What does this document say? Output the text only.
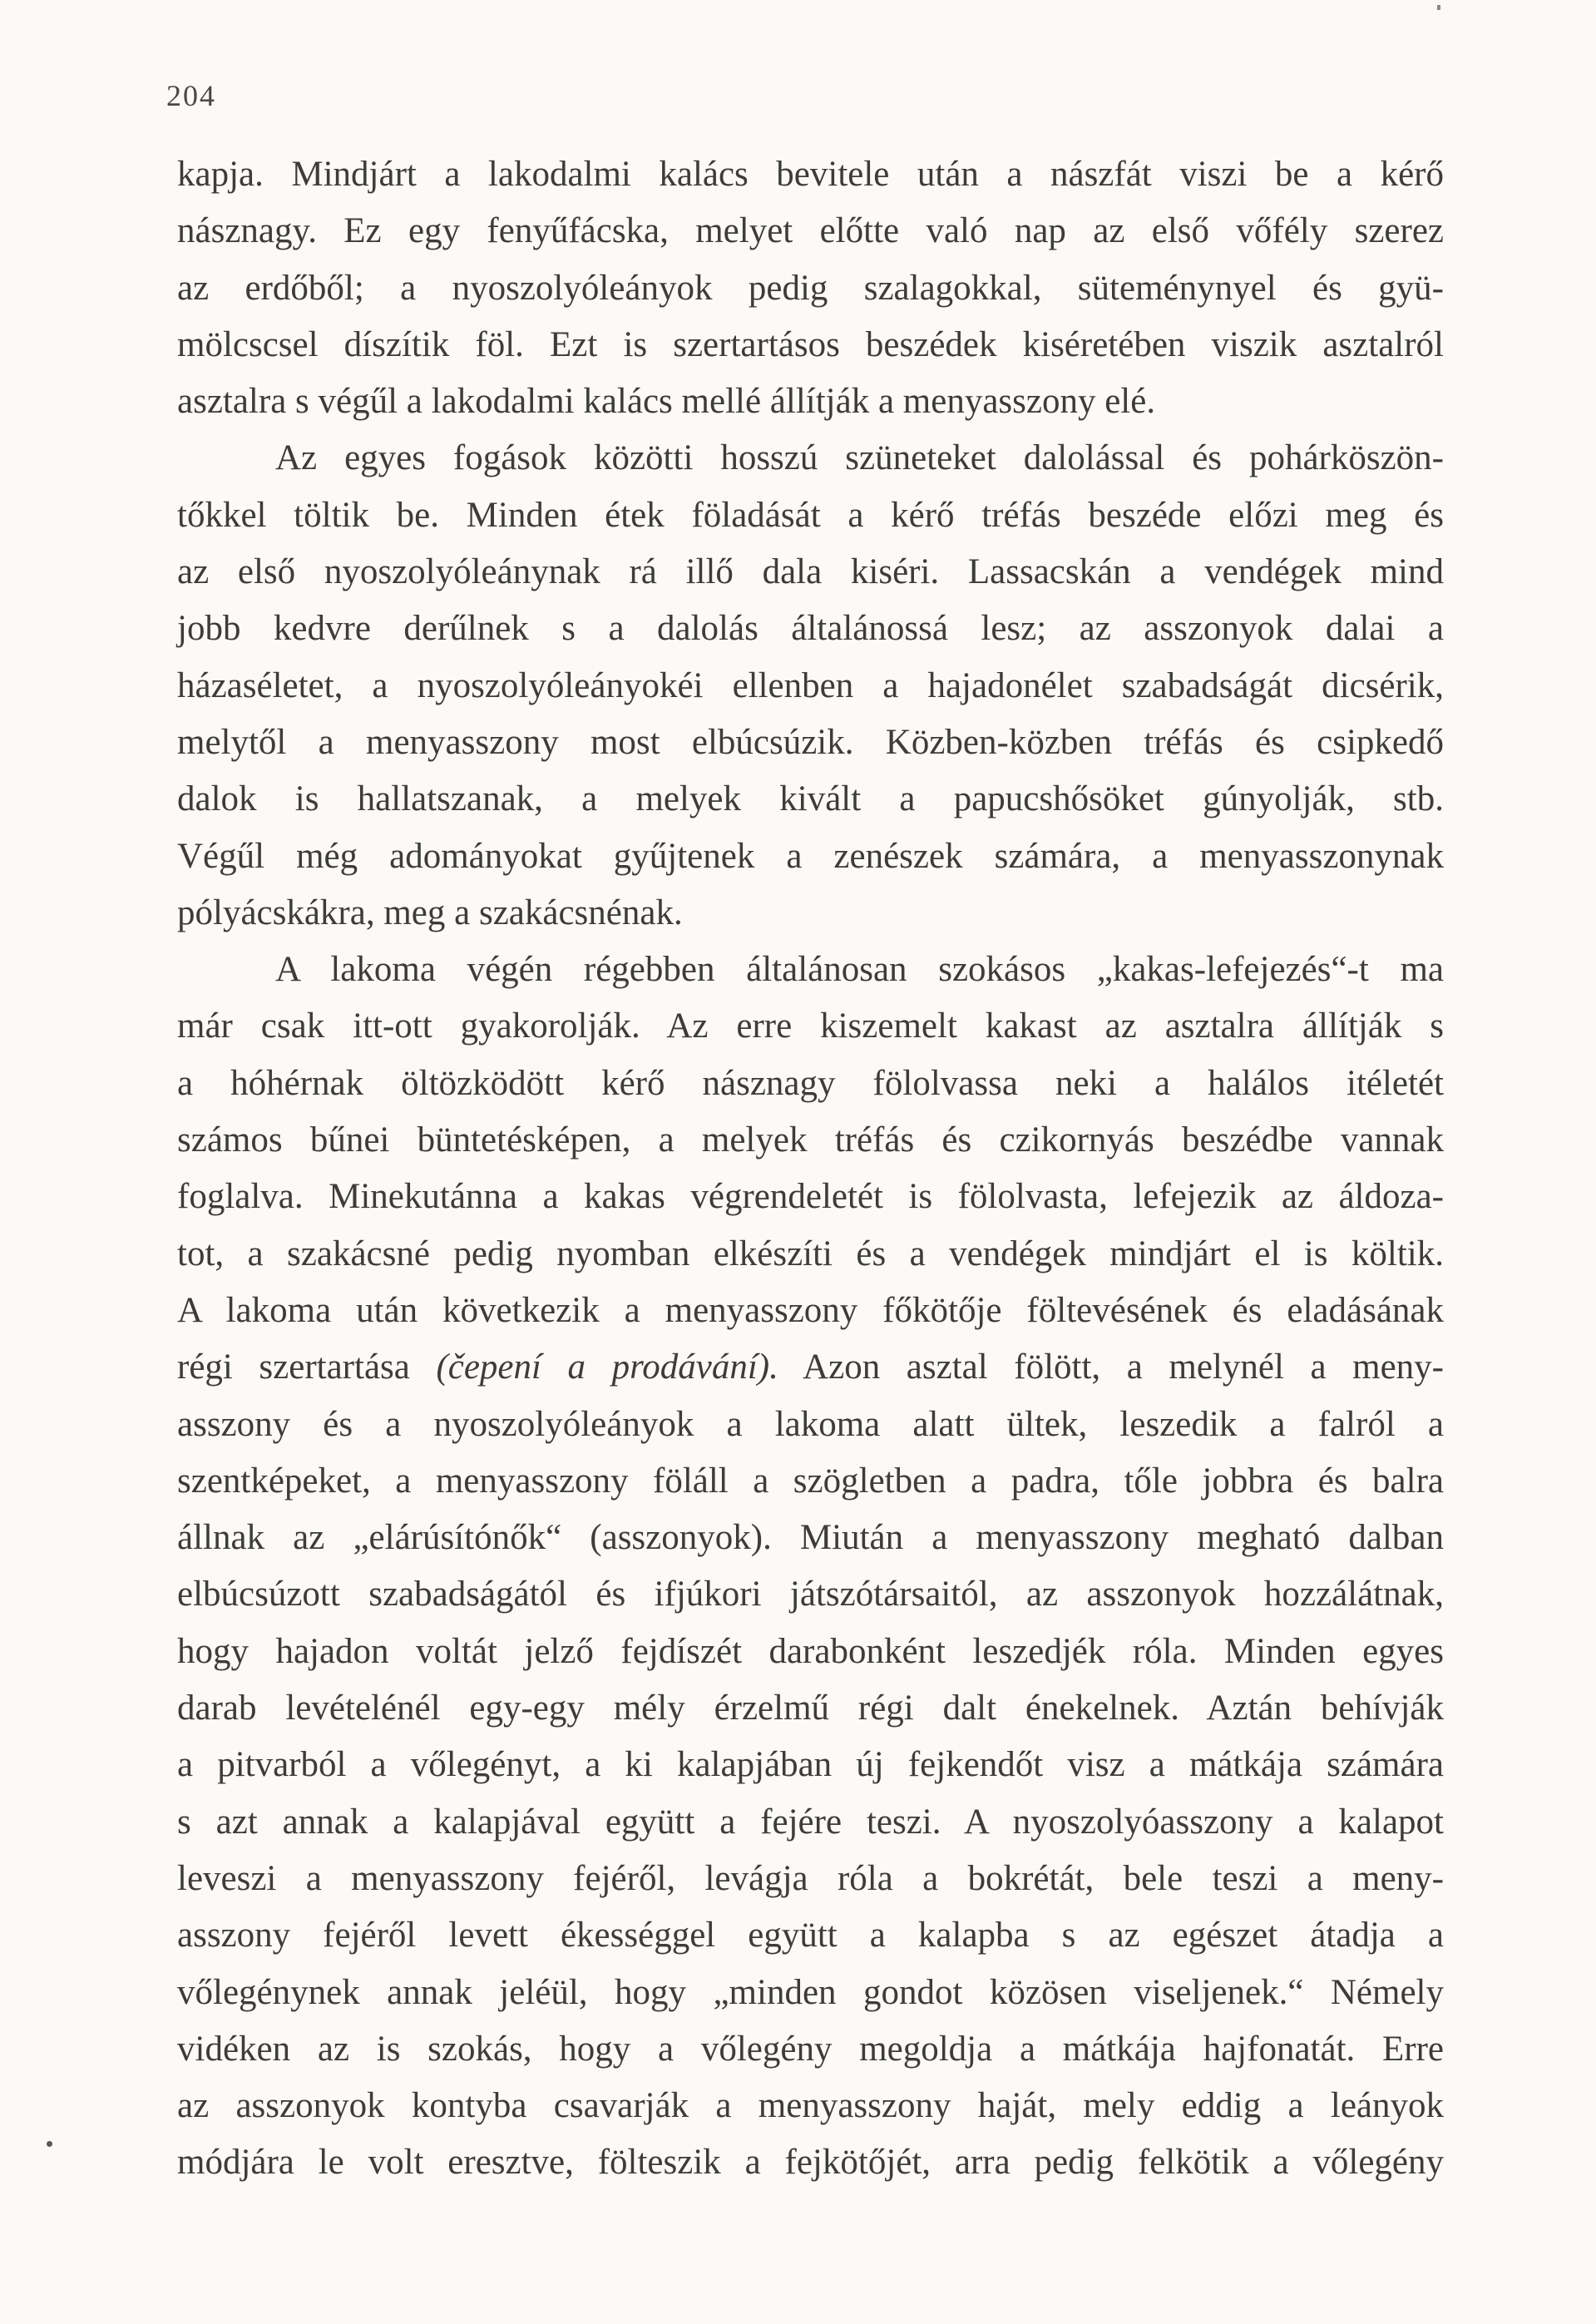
204
kapja. Mindjárt a lakodalmi kalács bevitele után a nászfát viszi be a kérő
násznagy. Ez egy fenyűfácska, melyet előtte való nap az első vőfély szerez
az erdőből; a nyoszolyóleányok pedig szalagokkal, süteménynyel és gyü-
mölcscsel díszítik föl. Ezt is szertartásos beszédek kiséretében viszik asztalról
asztalra s végűl a lakodalmi kalács mellé állítják a menyasszony elé.
Az egyes fogások közötti hosszú szüneteket dalolással és pohárköszön-
tőkkel töltik be. Minden étek föladását a kérő tréfás beszéde előzi meg és
az első nyoszolyóleánynak rá illő dala kiséri. Lassacskán a vendégek mind
jobb kedvre derűlnek s a dalolás általánossá lesz; az asszonyok dalai a
házaséletet, a nyoszolyóleányokéi ellenben a hajadonélet szabadságát dicsérik,
melytől a menyasszony most elbúcsúzik. Közben-közben tréfás és csipkedő
dalok is hallatszanak, a melyek kivált a papucshősöket gúnyolják, stb.
Végűl még adományokat gyűjtenek a zenészek számára, a menyasszonynak
pólyácskákra, meg a szakácsnénak.
A lakoma végén régebben általánosan szokásos „kakas-lefejezés“-t ma
már csak itt-ott gyakorolják. Az erre kiszemelt kakast az asztalra állítják s
a hóhérnak öltözködött kérő násznagy fölolvassa neki a halálos itéletét
számos bűnei büntetésképen, a melyek tréfás és czikornyás beszédbe vannak
foglalva. Minekutánna a kakas végrendeletét is fölolvasta, lefejezik az áldoza-
tot, a szakácsné pedig nyomban elkészíti és a vendégek mindjárt el is költik.
A lakoma után következik a menyasszony főkötője föltevésének és eladásának
régi szertartása (čepení a prodávání). Azon asztal fölött, a melynél a meny-
asszony és a nyoszolyóleányok a lakoma alatt ültek, leszedik a falról a
szentképeket, a menyasszony föláll a szögletben a padra, tőle jobbra és balra
állnak az „elárúsítónők“ (asszonyok). Miután a menyasszony megható dalban
elbúcsúzott szabadságától és ifjúkori játszótársaitól, az asszonyok hozzálátnak,
hogy hajadon voltát jelző fejdíszét darabonként leszedjék róla. Minden egyes
darab levételénél egy-egy mély érzelmű régi dalt énekelnek. Aztán behívják
a pitvarból a vőlegényt, a ki kalapjában új fejkendőt visz a mátkája számára
s azt annak a kalapjával együtt a fejére teszi. A nyoszolyóasszony a kalapot
leveszi a menyasszony fejéről, levágja róla a bokrétát, bele teszi a meny-
asszony fejéről levett ékességgel együtt a kalapba s az egészet átadja a
vőlegénynek annak jeléül, hogy „minden gondot közösen viseljenek.“ Némely
vidéken az is szokás, hogy a vőlegény megoldja a mátkája hajfonatát. Erre
az asszonyok kontyba csavarják a menyasszony haját, mely eddig a leányok
módjára le volt eresztve, fölteszik a fejkötőjét, arra pedig felkötik a vőlegény
